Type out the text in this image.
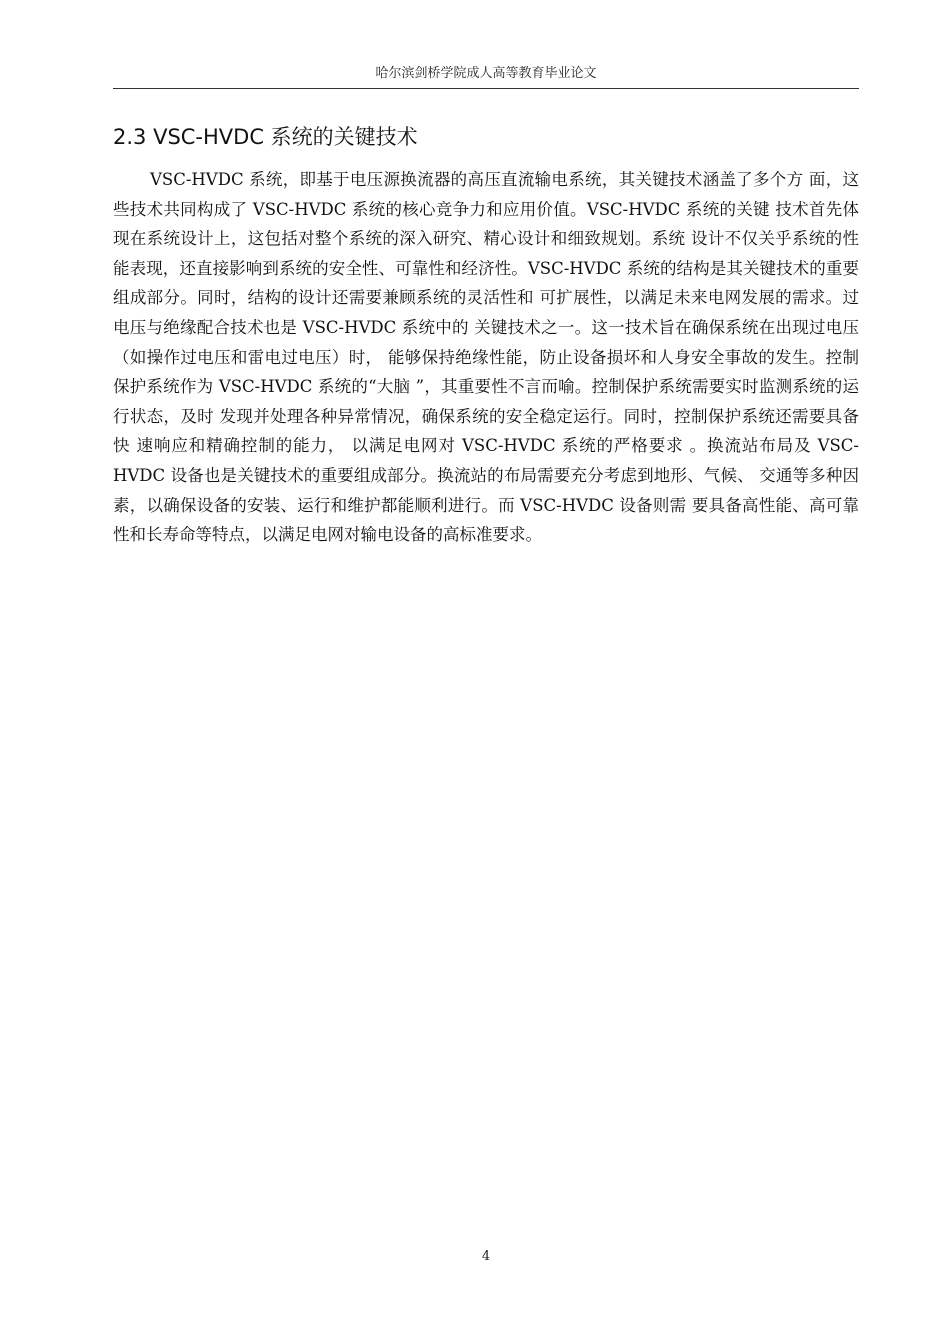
哈尔滨剑桥学院成人高等教育毕业论文
2.3 VSC-HVDC 系统的关键技术

VSC-HVDC 系统，即基于电压源换流器的高压直流输电系统，其关键技术涵盖了多个方 面，这些技术共同构成了 VSC-HVDC 系统的核心竞争力和应用价值。VSC-HVDC 系统的关键 技术首先体现在系统设计上，这包括对整个系统的深入研究、精心设计和细致规划。系统 设计不仅关乎系统的性能表现，还直接影响到系统的安全性、可靠性和经济性。VSC-HVDC 系统的结构是其关键技术的重要组成部分。同时，结构的设计还需要兼顾系统的灵活性和 可扩展性，以满足未来电网发展的需求。过电压与绝缘配合技术也是 VSC-HVDC 系统中的 关键技术之一。这一技术旨在确保系统在出现过电压（如操作过电压和雷电过电压）时， 能够保持绝缘性能，防止设备损坏和人身安全事故的发生。控制保护系统作为 VSC-HVDC 系统的“大脑 ”，其重要性不言而喻。控制保护系统需要实时监测系统的运行状态，及时 发现并处理各种异常情况，确保系统的安全稳定运行。同时，控制保护系统还需要具备快 速响应和精确控制的能力， 以满足电网对 VSC-HVDC 系统的严格要求 。换流站布局及 VSC-HVDC 设备也是关键技术的重要组成部分。换流站的布局需要充分考虑到地形、气候、 交通等多种因素，以确保设备的安装、运行和维护都能顺利进行。而 VSC-HVDC 设备则需 要具备高性能、高可靠性和长寿命等特点，以满足电网对输电设备的高标准要求。

4
